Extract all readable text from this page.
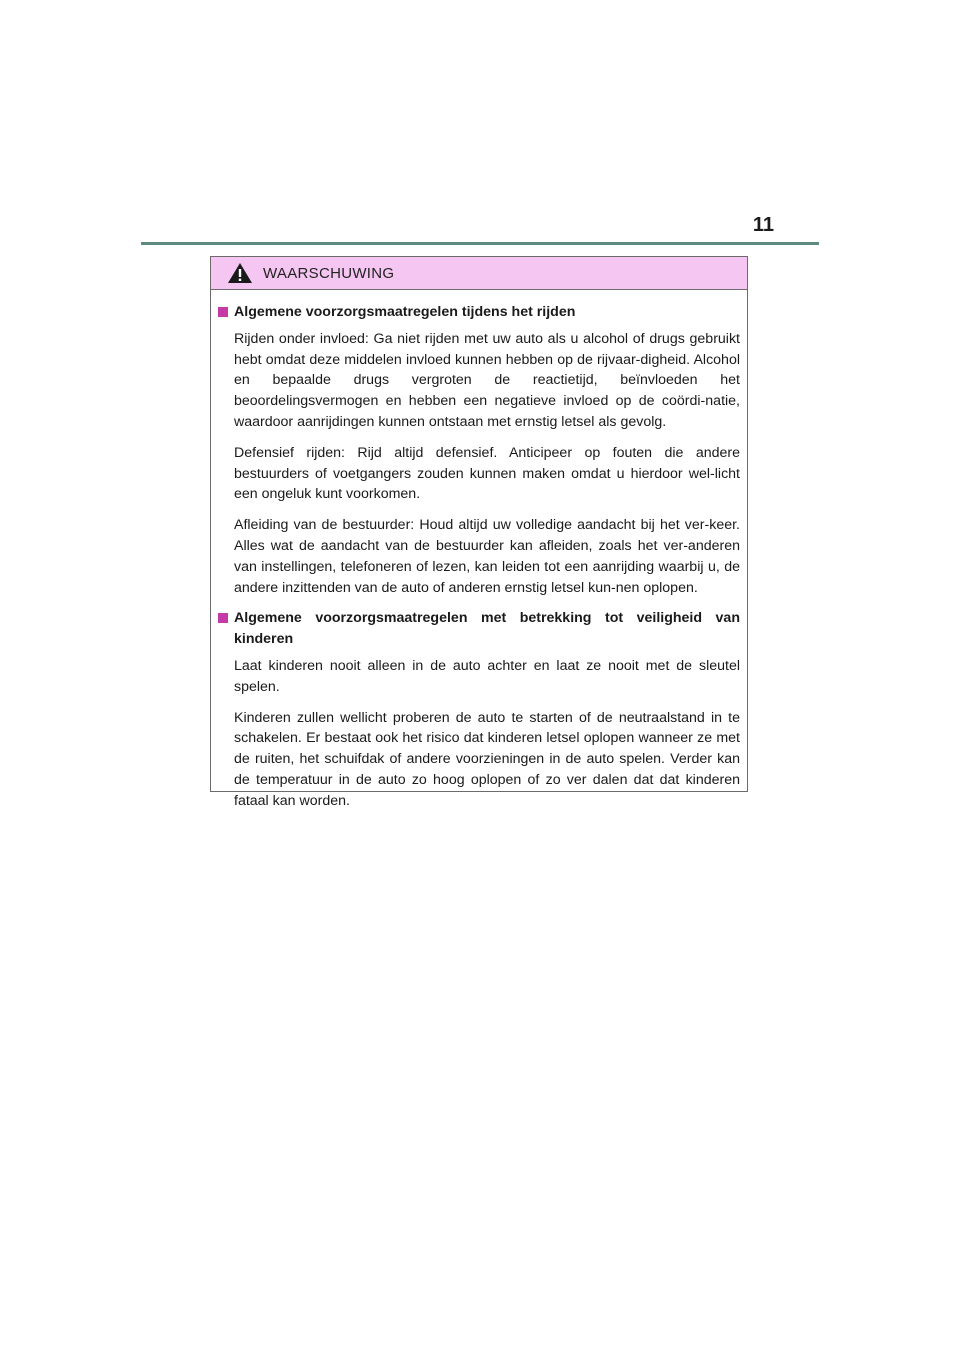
11
WAARSCHUWING
Algemene voorzorgsmaatregelen tijdens het rijden

Rijden onder invloed: Ga niet rijden met uw auto als u alcohol of drugs gebruikt hebt omdat deze middelen invloed kunnen hebben op de rijvaar-digheid. Alcohol en bepaalde drugs vergroten de reactietijd, beïnvloeden het beoordelingsvermogen en hebben een negatieve invloed op de coördi-natie, waardoor aanrijdingen kunnen ontstaan met ernstig letsel als gevolg.

Defensief rijden: Rijd altijd defensief. Anticipeer op fouten die andere bestuurders of voetgangers zouden kunnen maken omdat u hierdoor wel-licht een ongeluk kunt voorkomen.

Afleiding van de bestuurder: Houd altijd uw volledige aandacht bij het ver-keer. Alles wat de aandacht van de bestuurder kan afleiden, zoals het ver-anderen van instellingen, telefoneren of lezen, kan leiden tot een aanrijding waarbij u, de andere inzittenden van de auto of anderen ernstig letsel kun-nen oplopen.

Algemene voorzorgsmaatregelen met betrekking tot veiligheid van kinderen

Laat kinderen nooit alleen in de auto achter en laat ze nooit met de sleutel spelen.

Kinderen zullen wellicht proberen de auto te starten of de neutraalstand in te schakelen. Er bestaat ook het risico dat kinderen letsel oplopen wanneer ze met de ruiten, het schuifdak of andere voorzieningen in de auto spelen. Verder kan de temperatuur in de auto zo hoog oplopen of zo ver dalen dat dat kinderen fataal kan worden.
